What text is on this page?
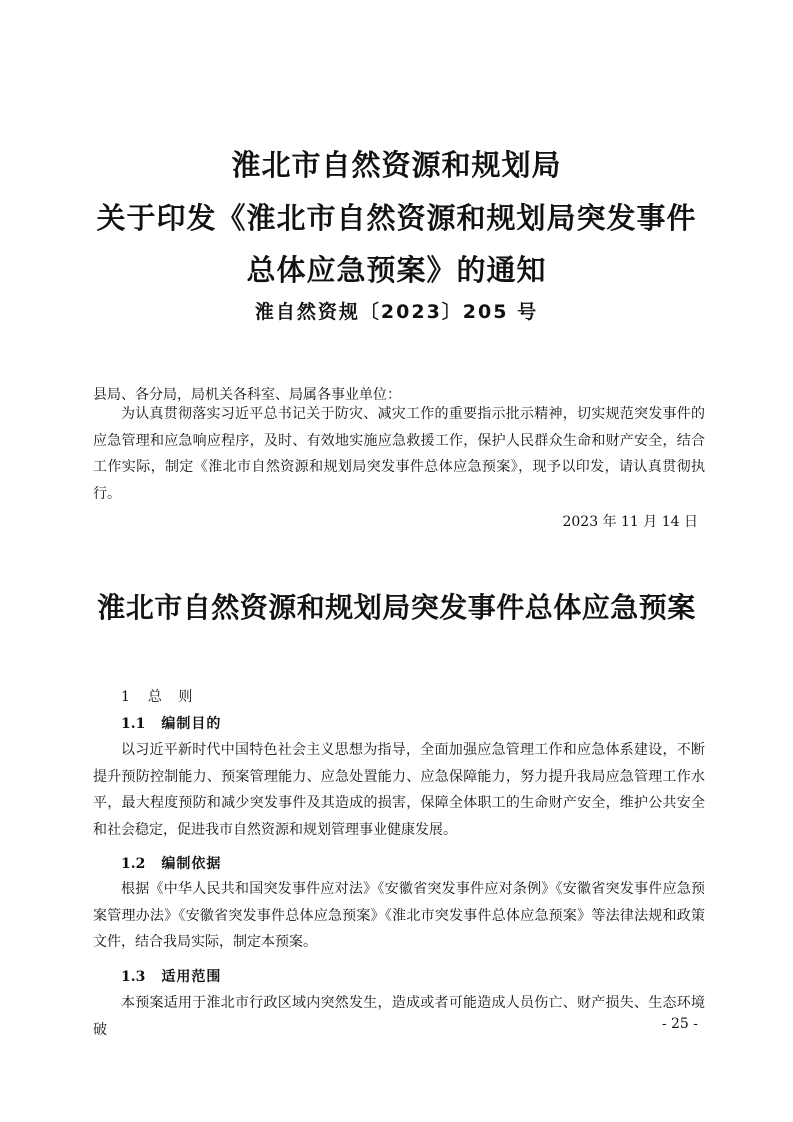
淮北市自然资源和规划局
关于印发《淮北市自然资源和规划局突发事件
总体应急预案》的通知
淮自然资规〔2023〕205 号
县局、各分局，局机关各科室、局属各事业单位：
为认真贯彻落实习近平总书记关于防灾、减灾工作的重要指示批示精神，切实规范突发事件的应急管理和应急响应程序，及时、有效地实施应急救援工作，保护人民群众生命和财产安全，结合工作实际，制定《淮北市自然资源和规划局突发事件总体应急预案》，现予以印发，请认真贯彻执行。
2023 年 11 月 14 日
淮北市自然资源和规划局突发事件总体应急预案
1 总 则
1.1 编制目的
以习近平新时代中国特色社会主义思想为指导，全面加强应急管理工作和应急体系建设，不断提升预防控制能力、预案管理能力、应急处置能力、应急保障能力，努力提升我局应急管理工作水平，最大程度预防和减少突发事件及其造成的损害，保障全体职工的生命财产安全，维护公共安全和社会稳定，促进我市自然资源和规划管理事业健康发展。
1.2 编制依据
根据《中华人民共和国突发事件应对法》《安徽省突发事件应对条例》《安徽省突发事件应急预案管理办法》《安徽省突发事件总体应急预案》《淮北市突发事件总体应急预案》等法律法规和政策文件，结合我局实际，制定本预案。
1.3 适用范围
本预案适用于淮北市行政区域内突然发生，造成或者可能造成人员伤亡、财产损失、生态环境破	- 25 -
